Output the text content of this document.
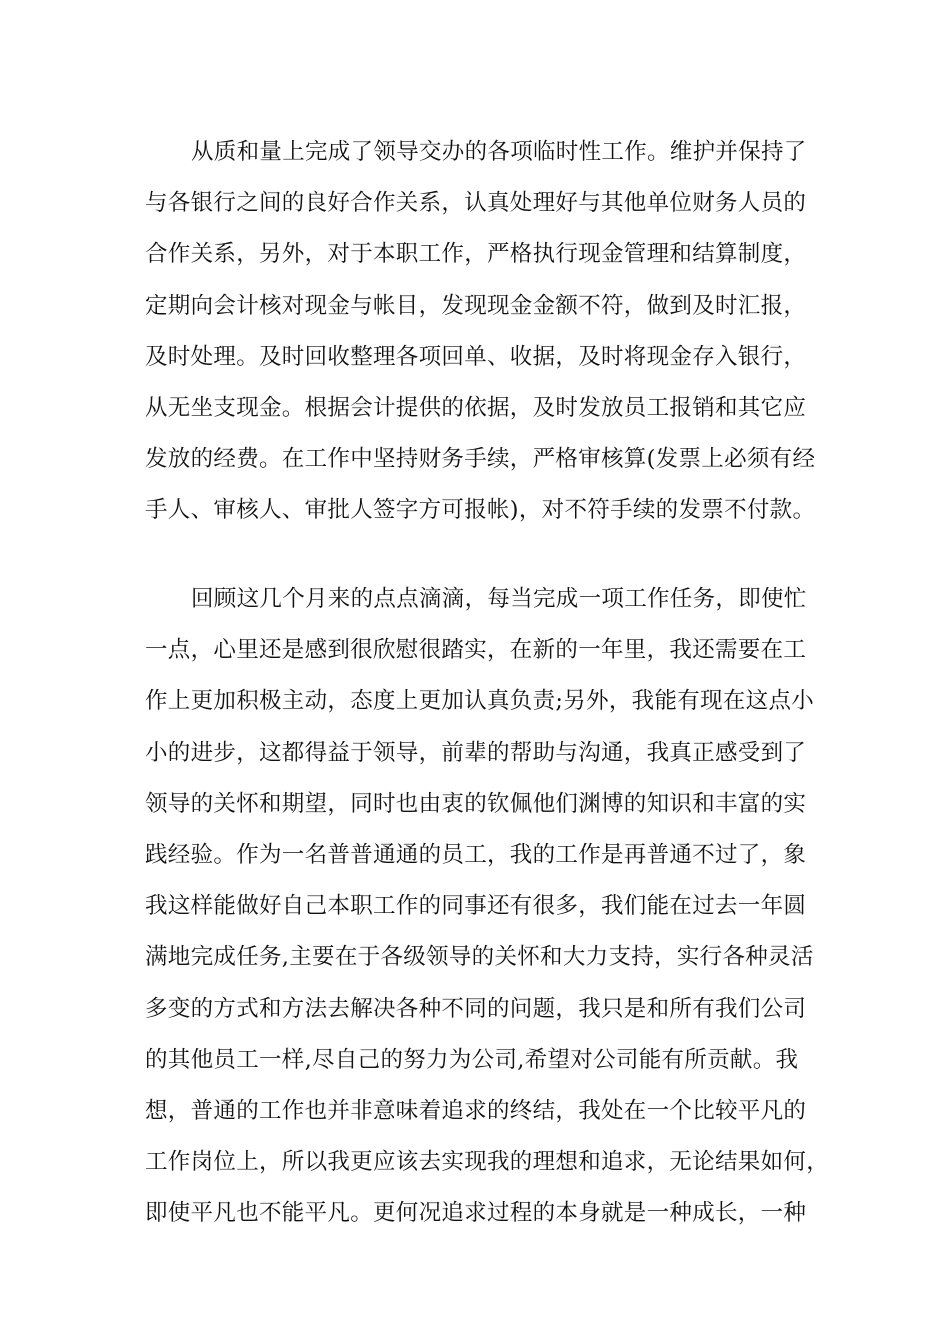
从质和量上完成了领导交办的各项临时性工作。维护并保持了
与各银行之间的良好合作关系，认真处理好与其他单位财务人员的
合作关系，另外，对于本职工作，严格执行现金管理和结算制度，
定期向会计核对现金与帐目，发现现金金额不符，做到及时汇报，
及时处理。及时回收整理各项回单、收据，及时将现金存入银行，
从无坐支现金。根据会计提供的依据，及时发放员工报销和其它应
发放的经费。在工作中坚持财务手续，严格审核算(发票上必须有经
手人、审核人、审批人签字方可报帐)，对不符手续的发票不付款。
回顾这几个月来的点点滴滴，每当完成一项工作任务，即使忙
一点，心里还是感到很欣慰很踏实，在新的一年里，我还需要在工
作上更加积极主动，态度上更加认真负责;另外，我能有现在这点小
小的进步，这都得益于领导，前辈的帮助与沟通，我真正感受到了
领导的关怀和期望，同时也由衷的钦佩他们渊博的知识和丰富的实
践经验。作为一名普普通通的员工，我的工作是再普通不过了，象
我这样能做好自己本职工作的同事还有很多，我们能在过去一年圆
满地完成任务,主要在于各级领导的关怀和大力支持，实行各种灵活
多变的方式和方法去解决各种不同的问题，我只是和所有我们公司
的其他员工一样,尽自己的努力为公司,希望对公司能有所贡献。我
想，普通的工作也并非意味着追求的终结，我处在一个比较平凡的
工作岗位上，所以我更应该去实现我的理想和追求，无论结果如何，
即使平凡也不能平凡。更何况追求过程的本身就是一种成长，一种
